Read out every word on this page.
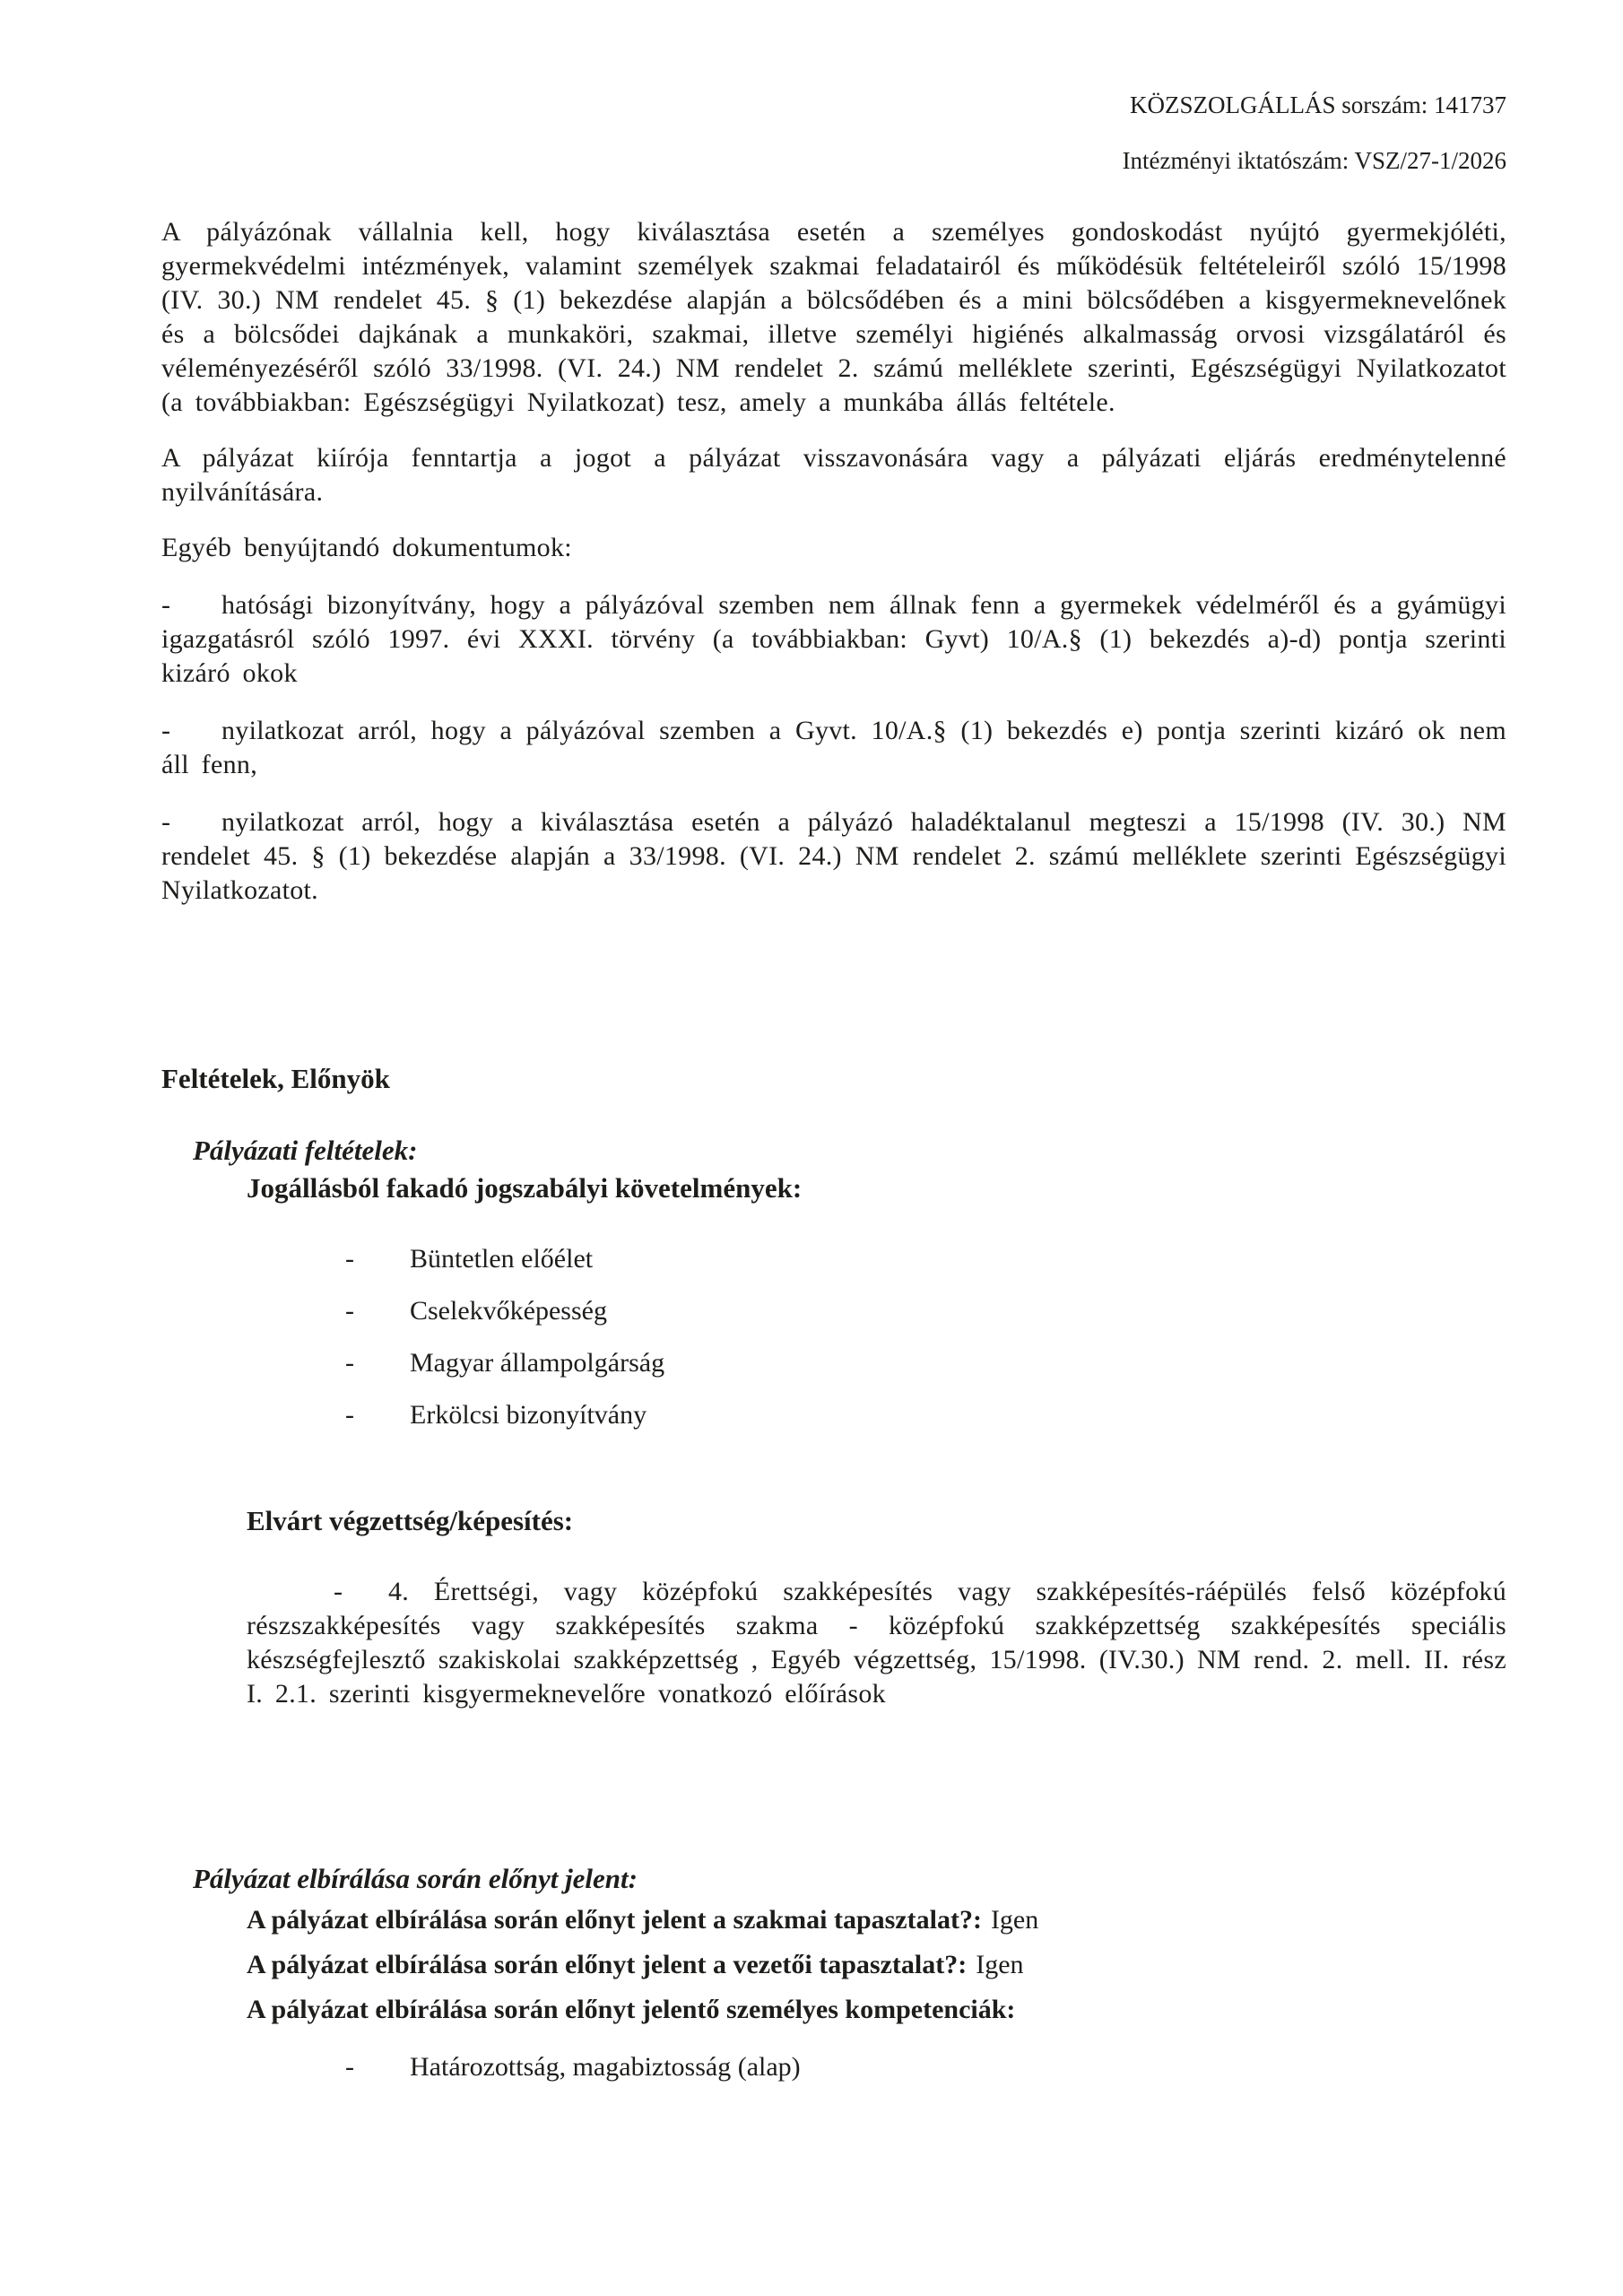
KÖZSZOLGÁLLÁS sorszám: 141737
Intézményi iktatószám: VSZ/27-1/2026

A pályázónak vállalnia kell, hogy kiválasztása esetén a személyes gondoskodást nyújtó gyermekjóléti, gyermekvédelmi intézmények, valamint személyek szakmai feladatairól és működésük feltételeiről szóló 15/1998 (IV. 30.) NM rendelet 45. § (1) bekezdése alapján a bölcsődében és a mini bölcsődében a kisgyermeknevelőnek és a bölcsődei dajkának a munkaköri, szakmai, illetve személyi higiénés alkalmasság orvosi vizsgálatáról és véleményezéséről szóló 33/1998. (VI. 24.) NM rendelet 2. számú melléklete szerinti, Egészségügyi Nyilatkozatot (a továbbiakban: Egészségügyi Nyilatkozat) tesz, amely a munkába állás feltétele.

A pályázat kiírója fenntartja a jogot a pályázat visszavonására vagy a pályázati eljárás eredménytelenné nyilvánítására.

Egyéb benyújtandó dokumentumok:

- hatósági bizonyítvány, hogy a pályázóval szemben nem állnak fenn a gyermekek védelméről és a gyámügyi igazgatásról szóló 1997. évi XXXI. törvény (a továbbiakban: Gyvt) 10/A.§ (1) bekezdés a)-d) pontja szerinti kizáró okok

- nyilatkozat arról, hogy a pályázóval szemben a Gyvt. 10/A.§ (1) bekezdés e) pontja szerinti kizáró ok nem áll fenn,

- nyilatkozat arról, hogy a kiválasztása esetén a pályázó haladéktalanul megteszi a 15/1998 (IV. 30.) NM rendelet 45. § (1) bekezdése alapján a 33/1998. (VI. 24.) NM rendelet 2. számú melléklete szerinti Egészségügyi Nyilatkozatot.

Feltételek, Előnyök
Pályázati feltételek:
Jogállásból fakadó jogszabályi követelmények:
- Büntetlen előélet
- Cselekvőképesség
- Magyar állampolgárság
- Erkölcsi bizonyítvány
Elvárt végzettség/képesítés:

- 4. Érettségi, vagy középfokú szakképesítés vagy szakképesítés-ráépülés felső középfokú részszakképesítés vagy szakképesítés szakma - középfokú szakképzettség szakképesítés speciális készségfejlesztő szakiskolai szakképzettség , Egyéb végzettség, 15/1998. (IV.30.) NM rend. 2. mell. II. rész I. 2.1. szerinti kisgyermeknevelőre vonatkozó előírások

Pályázat elbírálása során előnyt jelent:
A pályázat elbírálása során előnyt jelent a szakmai tapasztalat?: Igen
A pályázat elbírálása során előnyt jelent a vezetői tapasztalat?: Igen
A pályázat elbírálása során előnyt jelentő személyes kompetenciák:
- Határozottság, magabiztosság (alap)
